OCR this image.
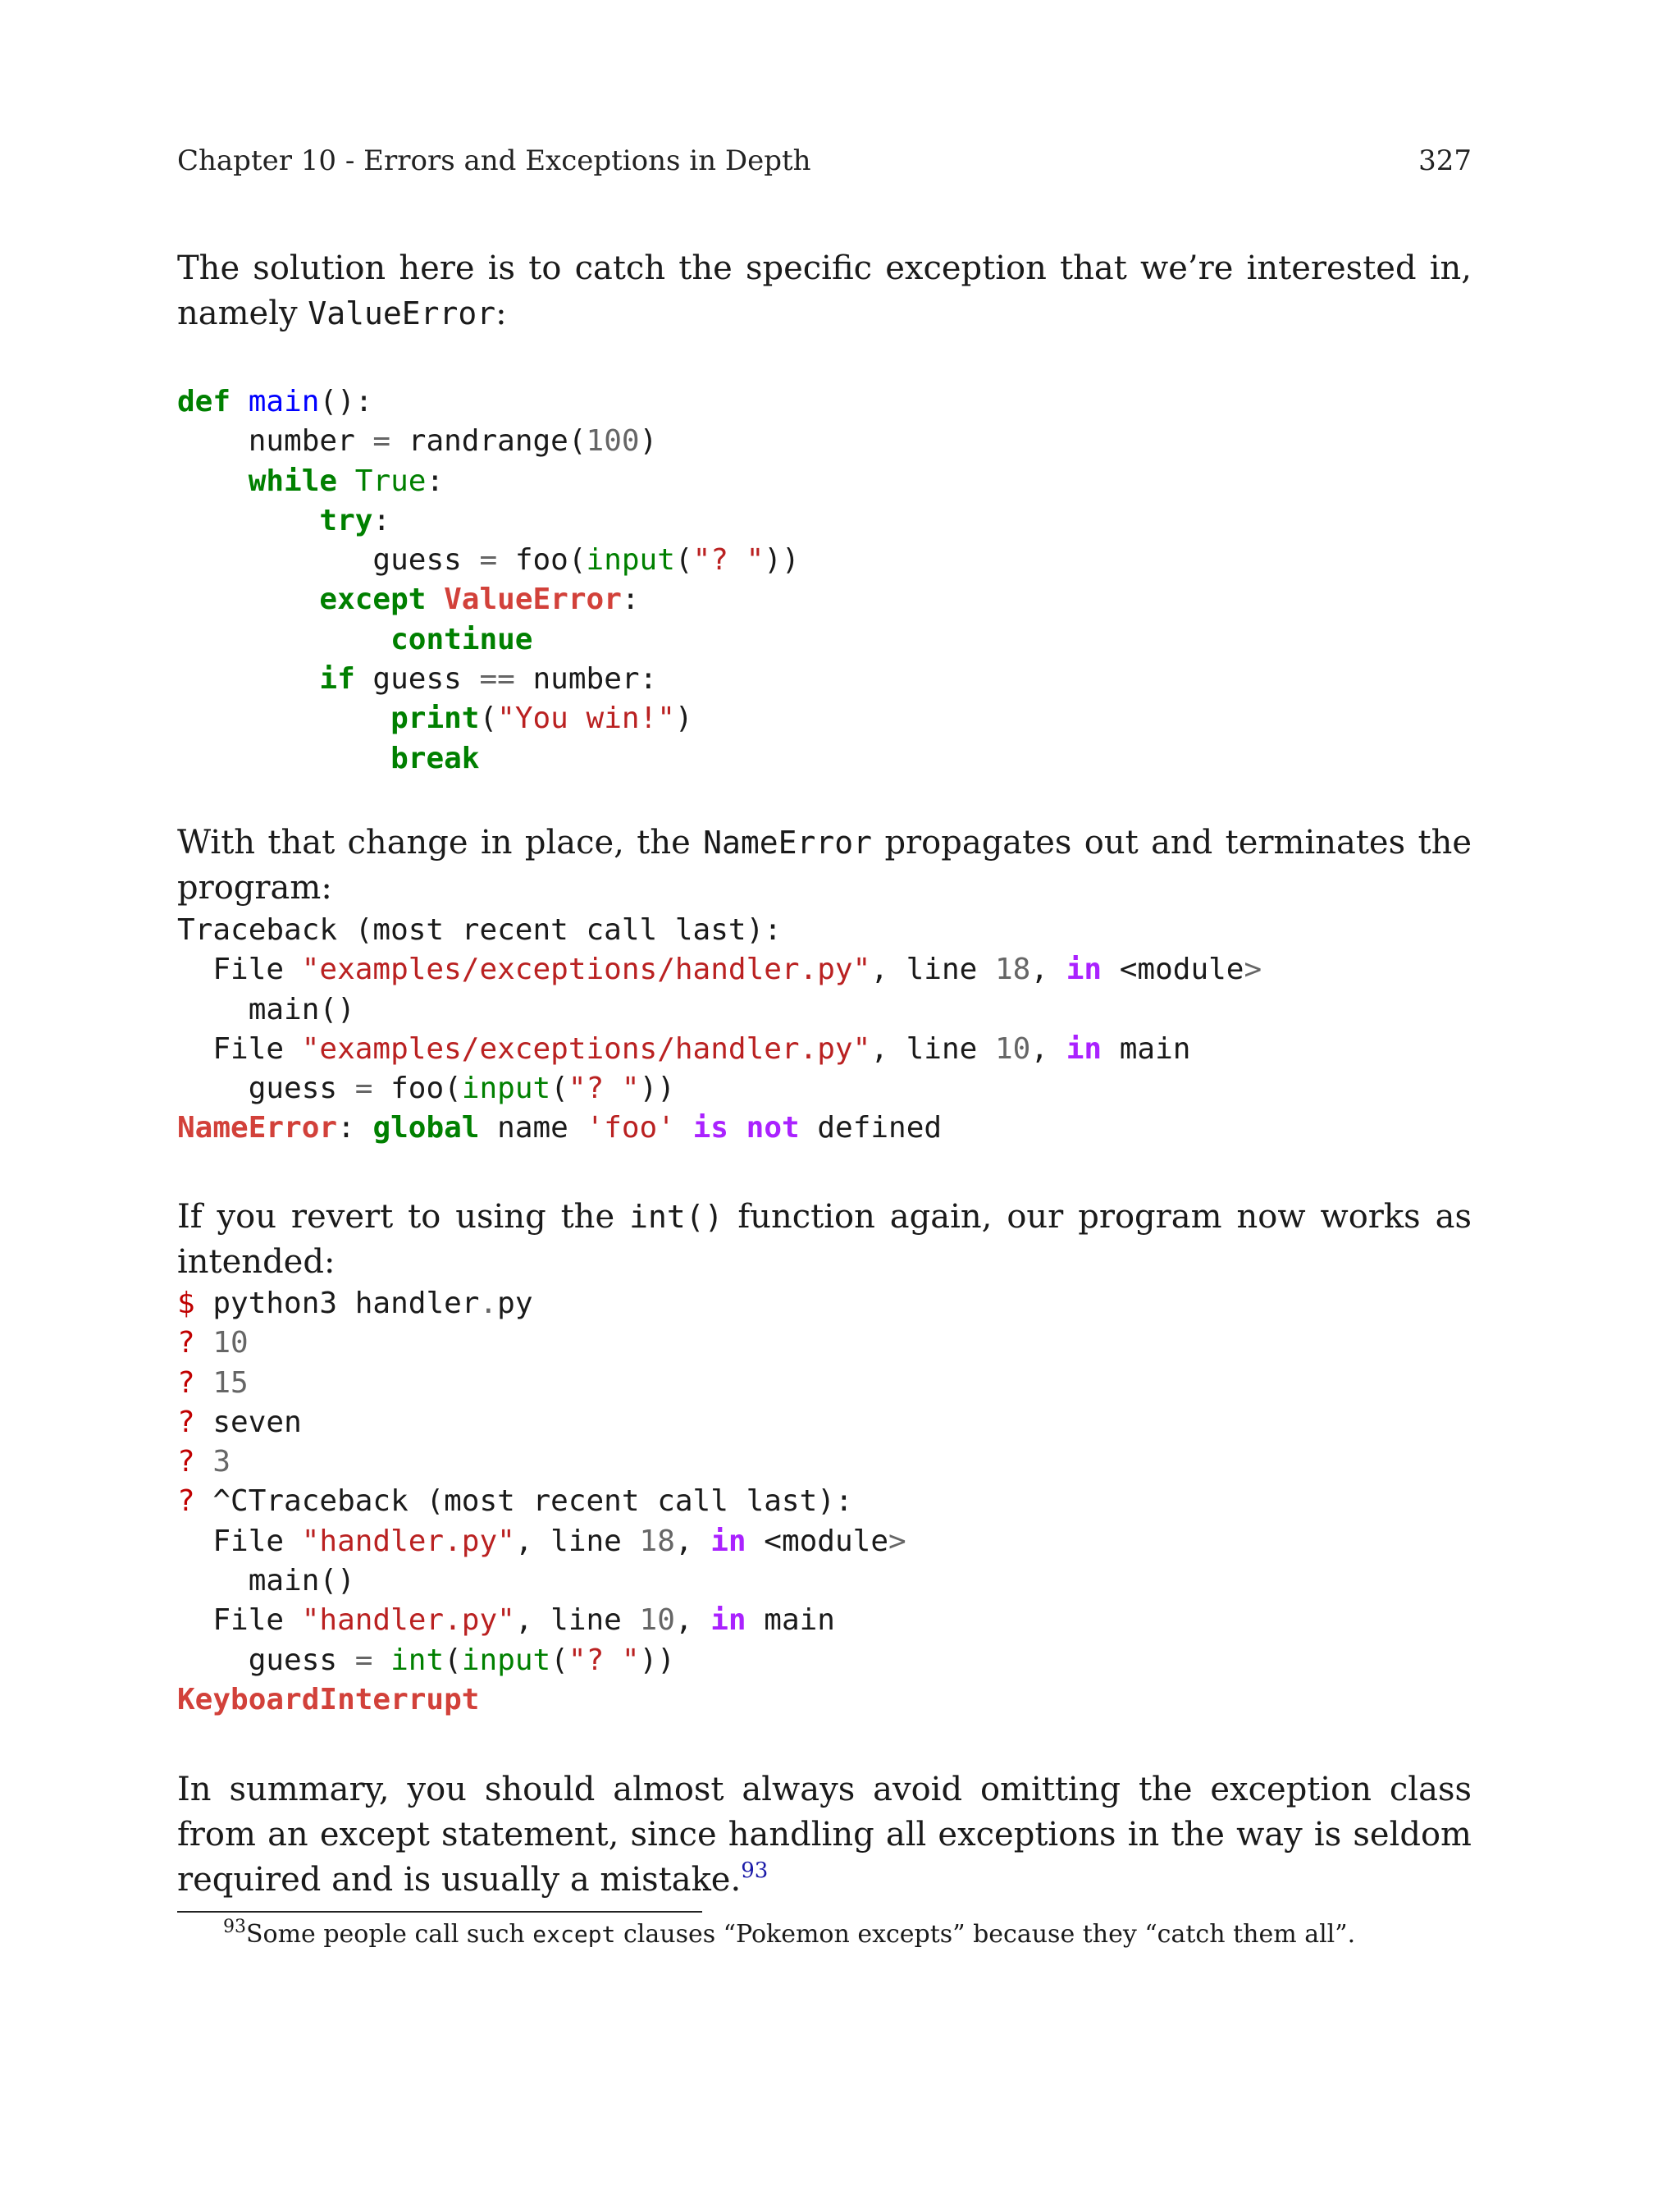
Chapter 10 - Errors and Exceptions in Depth	327

The solution here is to catch the specific exception that we’re interested in, namely ValueError:

def main():
number = randrange(100)
while True:
try:
guess = foo(input("? "))
except ValueError:
continue
if guess == number:
print("You win!")
break

With that change in place, the NameError propagates out and terminates the program:

Traceback (most recent call last):
File "examples/exceptions/handler.py", line 18, in <module>
main()
File "examples/exceptions/handler.py", line 10, in main
guess = foo(input("? "))
NameError: global name 'foo' is not defined

If you revert to using the int() function again, our program now works as intended:

$ python3 handler.py
? 10
? 15
? seven
? 3
? ^CTraceback (most recent call last):
File "handler.py", line 18, in <module>
main()
File "handler.py", line 10, in main
guess = int(input("? "))
KeyboardInterrupt

In summary, you should almost always avoid omitting the exception class from an except statement, since handling all exceptions in the way is seldom required and is usually a mistake.$^{93}$

$^{93}$Some people call such except clauses “Pokemon excepts” because they “catch them all”.
